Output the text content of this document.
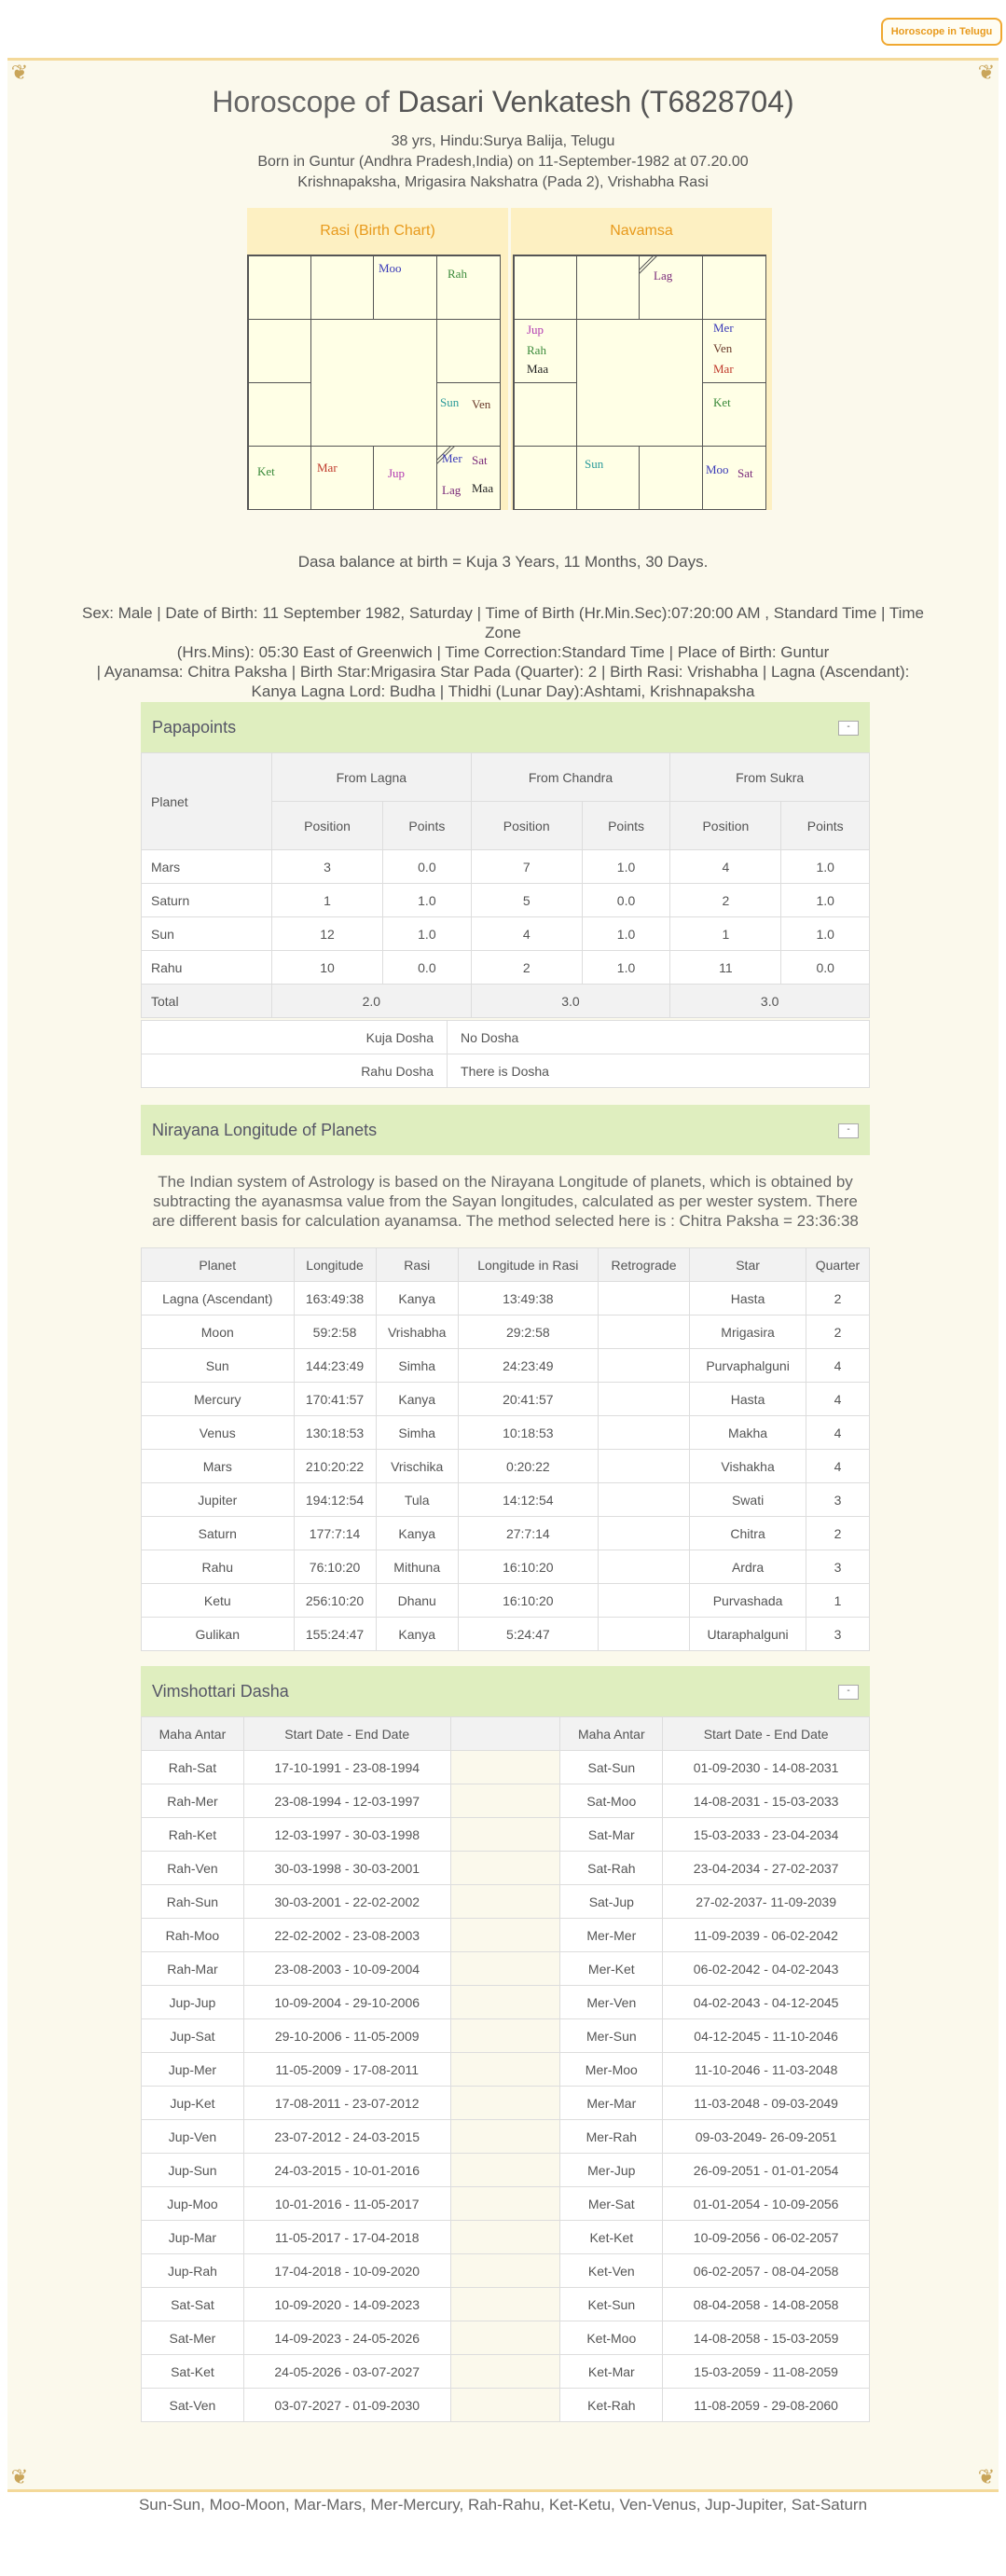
Horoscope in Telugu
❦	❦
❦	❦
Horoscope of Dasari Venkatesh (T6828704)
38 yrs, Hindu:Surya Balija, Telugu
Born in Guntur (Andhra Pradesh,India) on 11-September-1982 at 07.20.00
Krishnapaksha, Mrigasira Nakshatra (Pada 2), Vrishabha Rasi
Rasi (Birth Chart)
Moo	Rah
Sun Ven
Ket	Mar	Jup
Mer Sat
Lag Maa
Navamsa
Lag
Jup
Rah
Maa
Mer
Ven
Mar
Ket
Sun	Moo Sat
Dasa balance at birth = Kuja 3 Years, 11 Months, 30 Days.
Sex: Male | Date of Birth: 11 September 1982, Saturday | Time of Birth (Hr.Min.Sec):07:20:00 AM , Standard Time | Time Zone
(Hrs.Mins): 05:30 East of Greenwich | Time Correction:Standard Time | Place of Birth: Guntur
| Ayanamsa: Chitra Paksha | Birth Star:Mrigasira Star Pada (Quarter): 2 | Birth Rasi: Vrishabha | Lagna (Ascendant):
Kanya Lagna Lord: Budha | Thidhi (Lunar Day):Ashtami, Krishnapaksha
Papapoints	-
Planet	From Lagna		From Chandra		From Sukra	
	Position	Points	Position	Points	Position	Points
Mars	3	0.0	7	1.0	4	1.0
Saturn	1	1.0	5	0.0	2	1.0
Sun	12	1.0	4	1.0	1	1.0
Rahu	10	0.0	2	1.0	11	0.0
Total	2.0		3.0		3.0	
Kuja Dosha	No Dosha
Rahu Dosha	There is Dosha
Nirayana Longitude of Planets	-
The Indian system of Astrology is based on the Nirayana Longitude of planets, which is obtained by subtracting the ayanasmsa value from the Sayan longitudes, calculated as per wester system. There are different basis for calculation ayanamsa. The method selected here is : Chitra Paksha = 23:36:38
Planet	Longitude	Rasi	Longitude in Rasi	Retrograde	Star	Quarter
Lagna (Ascendant)	163:49:38	Kanya	13:49:38		Hasta	2
Moon	59:2:58	Vrishabha	29:2:58		Mrigasira	2
Sun	144:23:49	Simha	24:23:49		Purvaphalguni	4
Mercury	170:41:57	Kanya	20:41:57		Hasta	4
Venus	130:18:53	Simha	10:18:53		Makha	4
Mars	210:20:22	Vrischika	0:20:22		Vishakha	4
Jupiter	194:12:54	Tula	14:12:54		Swati	3
Saturn	177:7:14	Kanya	27:7:14		Chitra	2
Rahu	76:10:20	Mithuna	16:10:20		Ardra	3
Ketu	256:10:20	Dhanu	16:10:20		Purvashada	1
Gulikan	155:24:47	Kanya	5:24:47		Utaraphalguni	3
Vimshottari Dasha	-
Maha Antar	Start Date - End Date		Maha Antar	Start Date - End Date
Rah-Sat	17-10-1991 - 23-08-1994		Sat-Sun	01-09-2030 - 14-08-2031
Rah-Mer	23-08-1994 - 12-03-1997		Sat-Moo	14-08-2031 - 15-03-2033
Rah-Ket	12-03-1997 - 30-03-1998		Sat-Mar	15-03-2033 - 23-04-2034
Rah-Ven	30-03-1998 - 30-03-2001		Sat-Rah	23-04-2034 - 27-02-2037
Rah-Sun	30-03-2001 - 22-02-2002		Sat-Jup	27-02-2037- 11-09-2039
Rah-Moo	22-02-2002 - 23-08-2003		Mer-Mer	11-09-2039 - 06-02-2042
Rah-Mar	23-08-2003 - 10-09-2004		Mer-Ket	06-02-2042 - 04-02-2043
Jup-Jup	10-09-2004 - 29-10-2006		Mer-Ven	04-02-2043 - 04-12-2045
Jup-Sat	29-10-2006 - 11-05-2009		Mer-Sun	04-12-2045 - 11-10-2046
Jup-Mer	11-05-2009 - 17-08-2011		Mer-Moo	11-10-2046 - 11-03-2048
Jup-Ket	17-08-2011 - 23-07-2012		Mer-Mar	11-03-2048 - 09-03-2049
Jup-Ven	23-07-2012 - 24-03-2015		Mer-Rah	09-03-2049- 26-09-2051
Jup-Sun	24-03-2015 - 10-01-2016		Mer-Jup	26-09-2051 - 01-01-2054
Jup-Moo	10-01-2016 - 11-05-2017		Mer-Sat	01-01-2054 - 10-09-2056
Jup-Mar	11-05-2017 - 17-04-2018		Ket-Ket	10-09-2056 - 06-02-2057
Jup-Rah	17-04-2018 - 10-09-2020		Ket-Ven	06-02-2057 - 08-04-2058
Sat-Sat	10-09-2020 - 14-09-2023		Ket-Sun	08-04-2058 - 14-08-2058
Sat-Mer	14-09-2023 - 24-05-2026		Ket-Moo	14-08-2058 - 15-03-2059
Sat-Ket	24-05-2026 - 03-07-2027		Ket-Mar	15-03-2059 - 11-08-2059
Sat-Ven	03-07-2027 - 01-09-2030		Ket-Rah	11-08-2059 - 29-08-2060
Sun-Sun, Moo-Moon, Mar-Mars, Mer-Mercury, Rah-Rahu, Ket-Ketu, Ven-Venus, Jup-Jupiter, Sat-Saturn
